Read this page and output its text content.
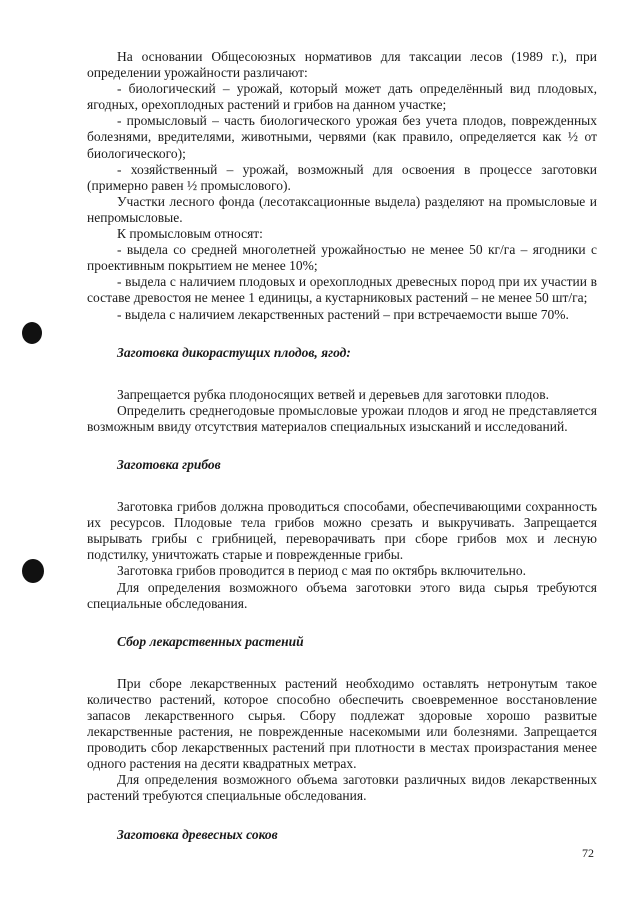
На основании Общесоюзных нормативов для таксации лесов (1989 г.), при определении урожайности различают:

- биологический – урожай, который может дать определённый вид плодовых, ягодных, орехоплодных растений и грибов на данном участке;

- промысловый – часть биологического урожая без учета плодов, поврежденных болезнями, вредителями, животными, червями (как правило, определяется как ½ от биологического);

- хозяйственный – урожай, возможный для освоения в процессе заготовки (примерно равен ½ промыслового).

Участки лесного фонда (лесотаксационные выдела) разделяют на промысловые и непромысловые.

К промысловым относят:

- выдела со средней многолетней урожайностью не менее 50 кг/га – ягодники с проективным покрытием не менее 10%;

- выдела с наличием плодовых и орехоплодных древесных пород при их участии в составе древостоя не менее 1 единицы, а кустарниковых растений – не менее 50 шт/га;

- выдела с наличием лекарственных растений – при встречаемости выше 70%.

Заготовка дикорастущих плодов, ягод:

Запрещается рубка плодоносящих ветвей и деревьев для заготовки плодов.

Определить среднегодовые промысловые урожаи плодов и ягод не представляется возможным ввиду отсутствия материалов специальных изысканий и исследований.

Заготовка грибов

Заготовка грибов должна проводиться способами, обеспечивающими сохранность их ресурсов. Плодовые тела грибов можно срезать и выкручивать. Запрещается вырывать грибы с грибницей, переворачивать при сборе грибов мох и лесную подстилку, уничтожать старые и поврежденные грибы.

Заготовка грибов проводится в период с мая по октябрь включительно.

Для определения возможного объема заготовки этого вида сырья требуются специальные обследования.

Сбор лекарственных растений

При сборе лекарственных растений необходимо оставлять нетронутым такое количество растений, которое способно обеспечить своевременное восстановление запасов лекарственного сырья. Сбору подлежат здоровые хорошо развитые лекарственные растения, не поврежденные насекомыми или болезнями. Запрещается проводить сбор лекарственных растений при плотности в местах произрастания менее одного растения на десяти квадратных метрах.

Для определения возможного объема заготовки различных видов лекарственных растений требуются специальные обследования.

Заготовка древесных соков
72
